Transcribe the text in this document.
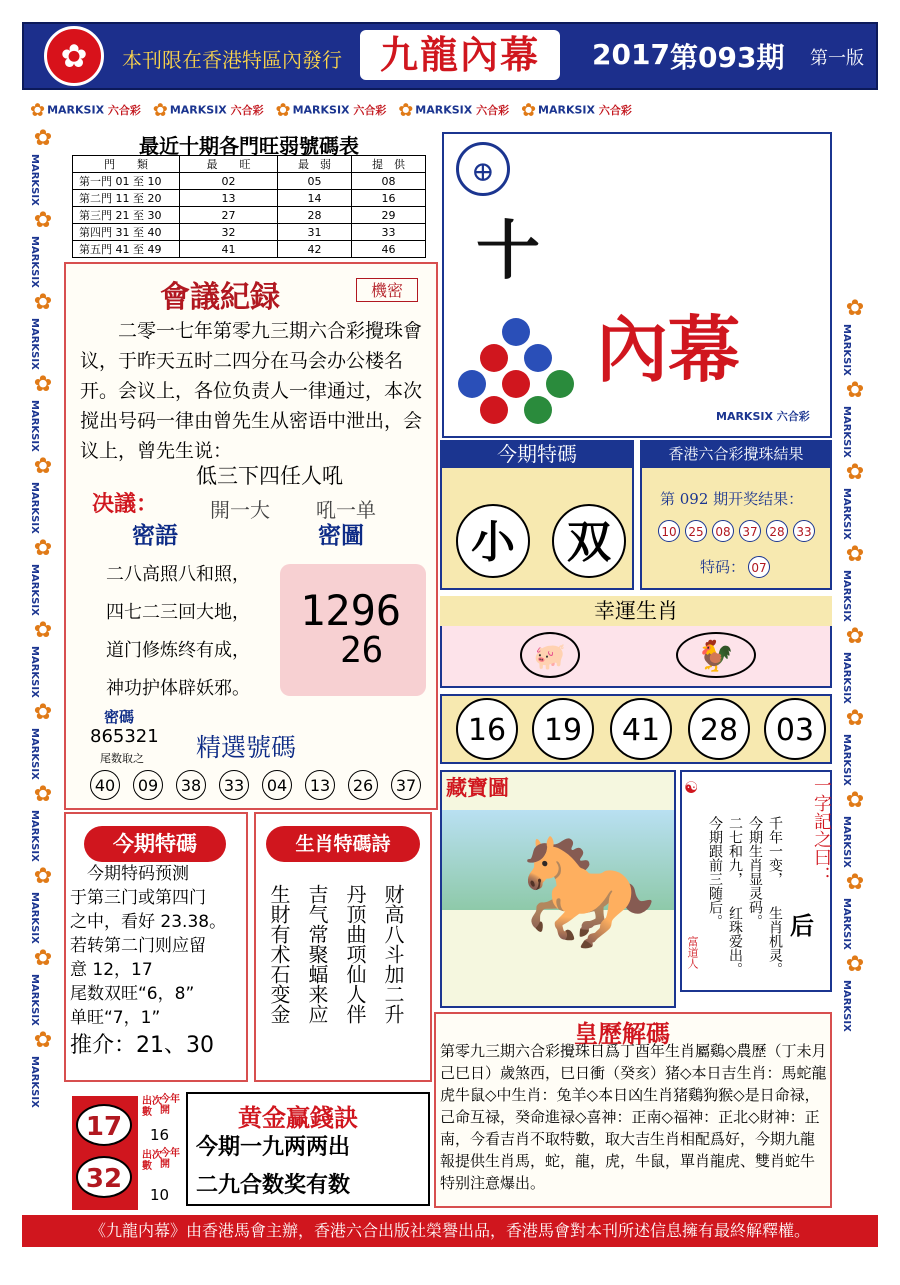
✿	本刊限在香港特區內發行 九龍內幕	2017 第093期 第一版
✿ MARKSIX 六合彩 ✿ MARKSIX 六合彩 ✿ MARKSIX 六合彩 ✿ MARKSIX 六合彩 ✿ MARKSIX 六合彩
✿
MARKSIX
✿
MARKSIX
✿
MARKSIX
✿
MARKSIX
✿
MARKSIX
✿
MARKSIX
✿
MARKSIX
✿
MARKSIX
✿
MARKSIX
✿
MARKSIX
✿
MARKSIX
✿
MARKSIX
✿
MARKSIX
✿
MARKSIX
✿
MARKSIX
✿
MARKSIX
✿
MARKSIX
✿
MARKSIX
✿
MARKSIX
✿
MARKSIX
✿
MARKSIX
最近十期各門旺弱號碼表
門　　類	最　　旺	最　弱	提　供
第一門 01 至 10	02	05	08
第二門 11 至 20	13	14	16
第三門 21 至 30	27	28	29
第四門 31 至 40	32	31	33
第五門 41 至 49	41	42	46
會議紀録	機密
二零一七年第零九三期六合彩攪珠會议，于昨天五时二四分在马会办公楼名开。会议上，各位负责人一律通过，本次搅出号码一律由曾先生从密语中泄出，会议上，曾先生说：
低三下四任人吼
决議：	開一大 吼一单
密語	密圖
二八高照八和照，
四七二三回大地，
道门修炼终有成，
神功护体辟妖邪。
1296
26
密碼
865321
尾数取之 精選號碼
40	09	38	33	04	13	26	37
今期特碼
　今期特码预测
于第三门或第四门
之中，看好 23.38。
若转第二门则应留
意 12，17
尾数双旺“6，8”
单旺“7，1”
推介：21、30
生肖特碼詩
生財有术石变金 吉气常聚蝠来应 丹顶曲项仙人伴 财高八斗加二升
17
32
出次數
今年開
16
出次數
今年開
10
黄金赢錢訣
今期一九两两出
二九合数奖有数
⊕
十
內幕
MARKSIX 六合彩
今期特碼
小	双
香港六合彩攪珠結果
第 092 期开奖结果：
10 25 08 37 28 33
特码： 07
幸運生肖
🐖	🐓
16	19	41	28	03
藏寶圖
🐎
☯	一字記之曰：
后
千年一变，
生肖机灵。
今期生肖显灵码。
二七和九，
红珠爱出。
今期跟前三随后。
富道人
皇歷解碼
第零九三期六合彩攪珠日爲丁酉年生肖屬鷄◇農歷（丁未月己巳日）歲煞西，巳日衝（癸亥）猪◇本日吉生肖：馬蛇龍虎牛鼠◇中生肖：兔羊◇本日凶生肖猪鷄狗猴◇是日命禄，己命互禄，癸命進禄◇喜神：正南◇福神：正北◇財神：正南，今看吉肖不取特數，取大吉生肖相配爲好，今期九龍報提供生肖馬，蛇，龍，虎，牛鼠，單肖龍虎、雙肖蛇牛特别注意爆出。
《九龍内幕》由香港馬會主辦，香港六合出版社榮譽出品，香港馬會對本刊所述信息擁有最終解釋權。
